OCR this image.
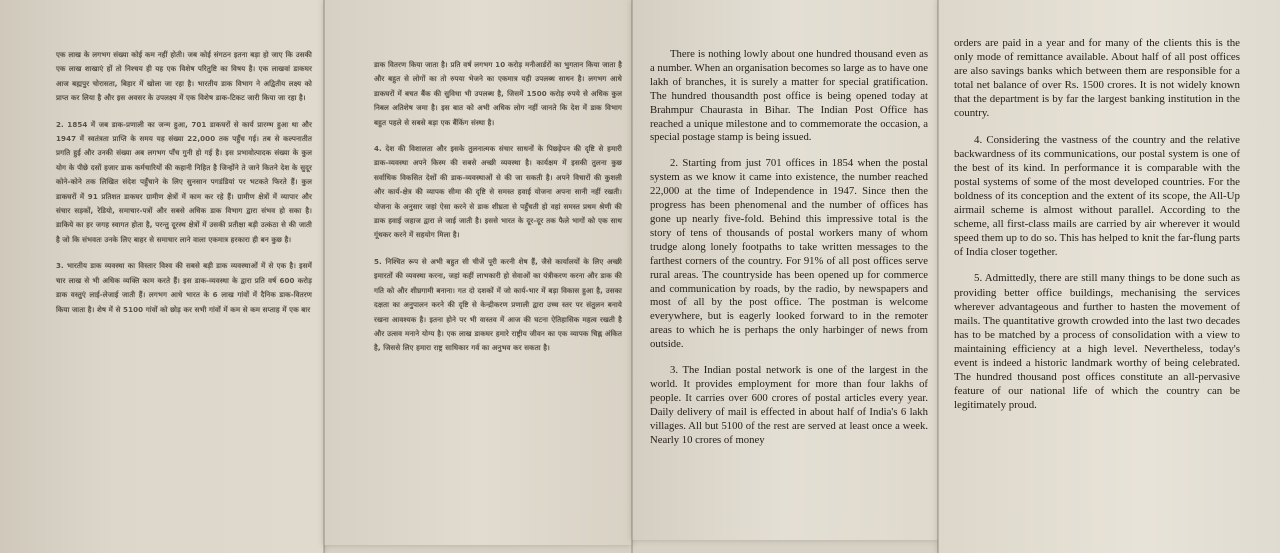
एक लाख के लगभग संख्या कोई कम नहीं होती। जब कोई संगठन इतना बड़ा हो जाए कि उसकी एक लाख शाखाएं हों तो निश्चय ही यह एक विशेष परितुष्टि का विषय है। एक लाखवां डाकघर आज बह्मपुर चोरासता, बिहार में खोला जा रहा है। भारतीय डाक विभाग ने अद्वितीय लक्ष्य को प्राप्त कर लिया है और इस अवसर के उपलक्ष्य में एक विशेष डाक-टिकट जारी किया जा रहा है।

2. 1854 में जब डाक-प्रणाली का जन्म हुआ, 701 डाकघरों से कार्य प्रारम्भ हुआ था और 1947 में स्वतंत्रता प्राप्ति के समय यह संख्या 22,000 तक पहुँच गई। तब से कल्पनातीत प्रगति हुई और उनकी संख्या अब लगभग पाँच गुनी हो गई है। इस प्रभावोत्पादक संख्या के कुल योग के पीछे दसों हजार डाक कर्मचारियों की कहानी निहित है जिन्होंने ते जाने कितने देश के सुदूर कोने-कोने तक लिखित संदेश पहुँचाने के लिए सुनसान पगडंडियां पर भटकते फिरते हैं। कुल डाकघरों में 91 प्रतिशत डाकघर ग्रामीण क्षेत्रों में काम कर रहे हैं। ग्रामीण क्षेत्रों में व्यापार और संचार सड़कों, रेडियो, समाचार-पत्रों और सबसे अधिक डाक विभाग द्वारा संभव हो सका है। डाकिये का हर जगह स्वागत होता है, परन्तु दूरस्थ क्षेत्रों में उसकी प्रतीक्षा बड़ी उत्कंठा से की जाती है जो कि संभवतः उनके लिए बाहर से समाचार लाने वाला एकमात्र हरकारा ही बन कुछ है।

3. भारतीय डाक व्यवस्था का विस्तार विश्व की सबसे बड़ी डाक व्यवस्थाओं में से एक है। इसमें चार लाख से भी अधिक व्यक्ति काम करते हैं। इस डाक-व्यवस्था के द्वारा प्रति वर्ष 600 करोड़ डाक वस्तुएं लाई-लेजाई जाती हैं। लगभग आधे भारत के 6 लाख गांवों में दैनिक डाक-वितरण किया जाता है। शेष में से 5100 गांवों को छोड़ कर सभी गांवों में कम से कम सप्ताह में एक बार

डाक वितरण किया जाता है। प्रति वर्ष लगभग 10 करोड़ मनीआर्डरों का भुगतान किया जाता है और बहुत से लोगों का तो रुपया भेजने का एकमात्र यही उपलब्ध साधन है। लगभग आधे डाकघरों में बचत बैंक की सुविधा भी उपलब्ध है, जिसमें 1500 करोड़ रुपये से अधिक कुल निबल अतिशेष जमा है। इस बात को अभी अधिक लोग नहीं जानते कि देश में डाक विभाग बहुत पहले से सबसे बड़ा एक बैंकिंग संस्था है।

4. देश की विशालता और इसके तुलनात्मक संचार साधनों के पिछड़ेपन की दृष्टि से हमारी डाक-व्यवस्था अपने किस्म की सबसे अच्छी व्यवस्था है। कार्यक्षम में इसकी तुलना कुछ सर्वाधिक विकसित देशों की डाक-व्यवस्थाओं से की जा सकती है। अपने विचारों की कुशली और कार्य-क्षेत्र की व्यापक सीमा की दृष्टि से समस्त हवाई योजना अपना सानी नहीं रखती। योजना के अनुसार जहां ऐसा करने से डाक शीघ्रता से पहुँचती हो वहां समस्त प्रथम श्रेणी की डाक हवाई जहाज द्वारा ले जाई जाती है। इससे भारत के दूर-दूर तक फैले भागों को एक साथ गूंथकर करने में सहयोग मिला है।

5. निश्चित रूप से अभी बहुत सी चीजें पूरी करनी शेष हैं, जैसे कार्यालयों के लिए अच्छी इमारतों की व्यवस्था करना, जहां कहीं लाभकारी हो सेवाओं का यंत्रीकरण करना और डाक की गति को और शीघ्रगामी बनाना। गत दो दशकों में जो कार्य-भार में बड़ा विकास हुआ है, उसका दक्षता का अनुपालन करने की दृष्टि से केन्द्रीकरण प्रणाली द्वारा उच्च स्तर पर संतुलन बनाये रखना आवश्यक है। इतना होने पर भी वास्तव में आज की घटना ऐतिहासिक महत्व रखती है और उत्सव मनाने योग्य है। एक लाख डाकघर हमारे राष्ट्रीय जीवन का एक व्यापक चिह्न अंकित है, जिससे लिए हमारा राष्ट्र साधिकार गर्व का अनुभव कर सकता है।

There is nothing lowly about one hundred thousand even as a number. When an organisation becomes so large as to have one lakh of branches, it is surely a matter for special gratification. The hundred thousandth post office is being opened today at Brahmpur Chaurasta in Bihar. The Indian Post Office has reached a unique milestone and to commemorate the occasion, a special postage stamp is being issued.

2. Starting from just 701 offices in 1854 when the postal system as we know it came into existence, the number reached 22,000 at the time of Independence in 1947. Since then the progress has been phenomenal and the number of offices has gone up nearly five-fold. Behind this impressive total is the story of tens of thousands of postal workers many of whom trudge along lonely footpaths to take written messages to the farthest corners of the country. For 91% of all post offices serve rural areas. The countryside has been opened up for commerce and communication by roads, by the radio, by newspapers and most of all by the post office. The postman is welcome everywhere, but is eagerly looked forward to in the remoter areas to which he is perhaps the only harbinger of news from outside.

3. The Indian postal network is one of the largest in the world. It provides employment for more than four lakhs of people. It carries over 600 crores of postal articles every year. Daily delivery of mail is effected in about half of India's 6 lakh villages. All but 5100 of the rest are served at least once a week. Nearly 10 crores of money

orders are paid in a year and for many of the clients this is the only mode of remittance available. About half of all post offices are also savings banks which between them are responsible for a total net balance of over Rs. 1500 crores. It is not widely known that the department is by far the largest banking institution in the country.

4. Considering the vastness of the country and the relative backwardness of its communications, our postal system is one of the best of its kind. In performance it is comparable with the postal systems of some of the most developed countries. For the boldness of its conception and the extent of its scope, the All-Up airmail scheme is almost without parallel. According to the scheme, all first-class mails are carried by air wherever it would speed them up to do so. This has helped to knit the far-flung parts of India closer together.

5. Admittedly, there are still many things to be done such as providing better office buildings, mechanising the services wherever advantageous and further to hasten the movement of mails. The quantitative growth crowded into the last two decades has to be matched by a process of consolidation with a view to maintaining efficiency at a high level. Nevertheless, today's event is indeed a historic landmark worthy of being celebrated. The hundred thousand post offices constitute an all-pervasive feature of our national life of which the country can be legitimately proud.
